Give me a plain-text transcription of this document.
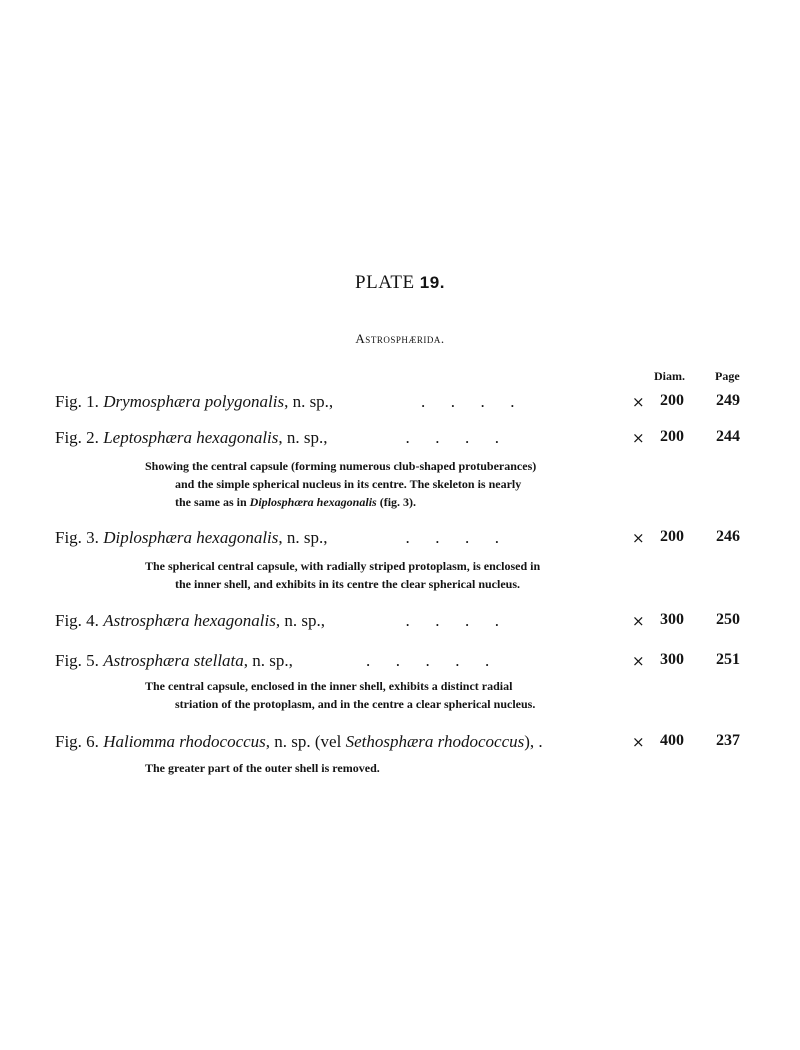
PLATE 19.
Astrosphærida.
Diam.	Page
Fig. 1. Drymosphæra polygonalis, n. sp.,	.      .      .      .	× 200 249
Fig. 2. Leptosphæra hexagonalis, n. sp.,	.      .      .      .	× 200 244
Showing the central capsule (forming numerous club-shaped protuberances)
and the simple spherical nucleus in its centre. The skeleton is nearly
the same as in Diplosphæra hexagonalis (fig. 3).
Fig. 3. Diplosphæra hexagonalis, n. sp.,	.      .      .      .	× 200 246
The spherical central capsule, with radially striped protoplasm, is enclosed in
the inner shell, and exhibits in its centre the clear spherical nucleus.
Fig. 4. Astrosphæra hexagonalis, n. sp.,	.      .      .      .	× 300 250
Fig. 5. Astrosphæra stellata, n. sp.,	.      .      .      .      .	× 300 251
The central capsule, enclosed in the inner shell, exhibits a distinct radial
striation of the protoplasm, and in the centre a clear spherical nucleus.
Fig. 6. Haliomma rhodococcus, n. sp. (vel Sethosphæra rhodococcus), .	× 400 237
The greater part of the outer shell is removed.
